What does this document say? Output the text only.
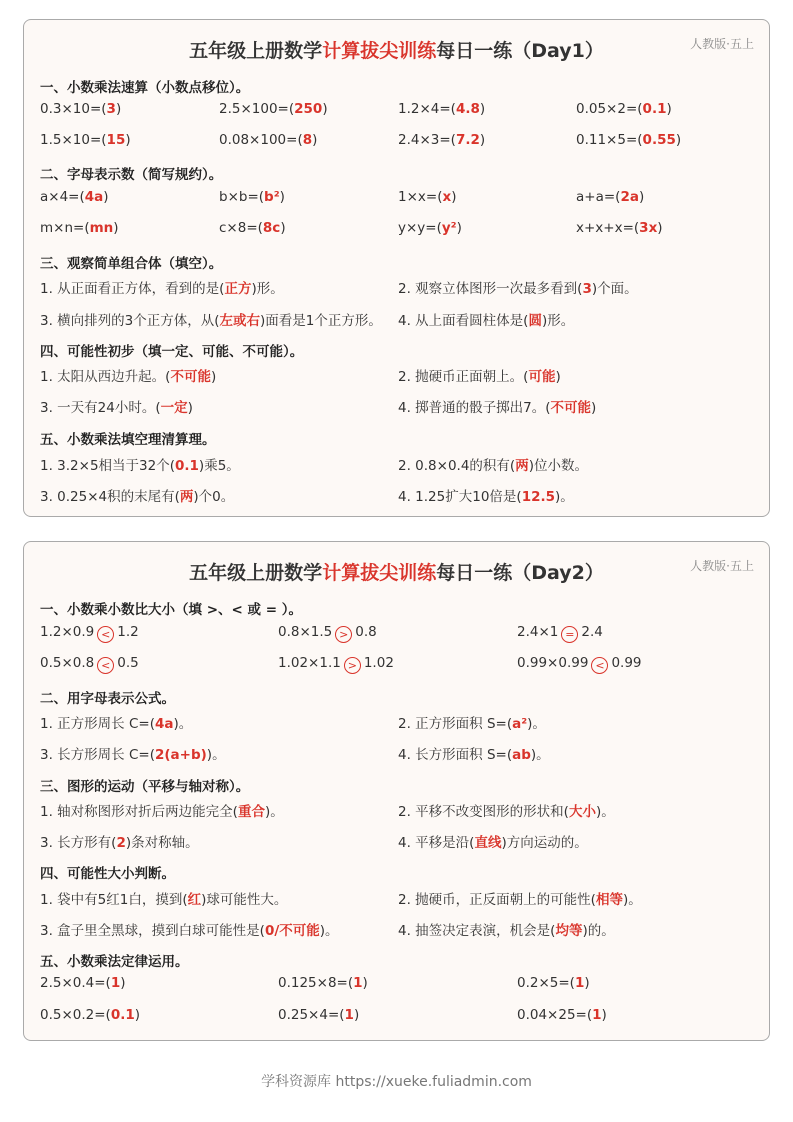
五年级上册数学计算拔尖训练每日一练（Day1）	人教版·五上
一、小数乘法速算（小数点移位）。
0.3×10=(3)	2.5×100=(250)	1.2×4=(4.8)	0.05×2=(0.1)
1.5×10=(15)	0.08×100=(8)	2.4×3=(7.2)	0.11×5=(0.55)
二、字母表示数（简写规约）。
a×4=(4a)	b×b=(b²)	1×x=(x)	a+a=(2a)
m×n=(mn)	c×8=(8c)	y×y=(y²)	x+x+x=(3x)
三、观察简单组合体（填空）。
1. 从正面看正方体，看到的是(正方)形。	2. 观察立体图形一次最多看到(3)个面。
3. 横向排列的3个正方体，从(左或右)面看是1个正方形。 4. 从上面看圆柱体是(圆)形。
四、可能性初步（填一定、可能、不可能）。
1. 太阳从西边升起。(不可能)	2. 抛硬币正面朝上。(可能)
3. 一天有24小时。(一定)	4. 掷普通的骰子掷出7。(不可能)
五、小数乘法填空理清算理。
1. 3.2×5相当于32个(0.1)乘5。	2. 0.8×0.4的积有(两)位小数。
3. 0.25×4积的末尾有(两)个0。	4. 1.25扩大10倍是(12.5)。
五年级上册数学计算拔尖训练每日一练（Day2）	人教版·五上
一、小数乘小数比大小（填 >、< 或 = ）。
1.2×0.9 < 1.2	0.8×1.5 > 0.8	2.4×1 = 2.4
0.5×0.8 < 0.5	1.02×1.1 > 1.02	0.99×0.99 < 0.99
二、用字母表示公式。
1. 正方形周长 C=(4a)。	2. 正方形面积 S=(a²)。
3. 长方形周长 C=(2(a+b))。	4. 长方形面积 S=(ab)。
三、图形的运动（平移与轴对称）。
1. 轴对称图形对折后两边能完全(重合)。	2. 平移不改变图形的形状和(大小)。
3. 长方形有(2)条对称轴。	4. 平移是沿(直线)方向运动的。
四、可能性大小判断。
1. 袋中有5红1白，摸到(红)球可能性大。	2. 抛硬币，正反面朝上的可能性(相等)。
3. 盒子里全黑球，摸到白球可能性是(0/不可能)。	4. 抽签决定表演，机会是(均等)的。
五、小数乘法定律运用。
2.5×0.4=(1)	0.125×8=(1)	0.2×5=(1)
0.5×0.2=(0.1)	0.25×4=(1)	0.04×25=(1)
学科资源库 https://xueke.fuliadmin.com
